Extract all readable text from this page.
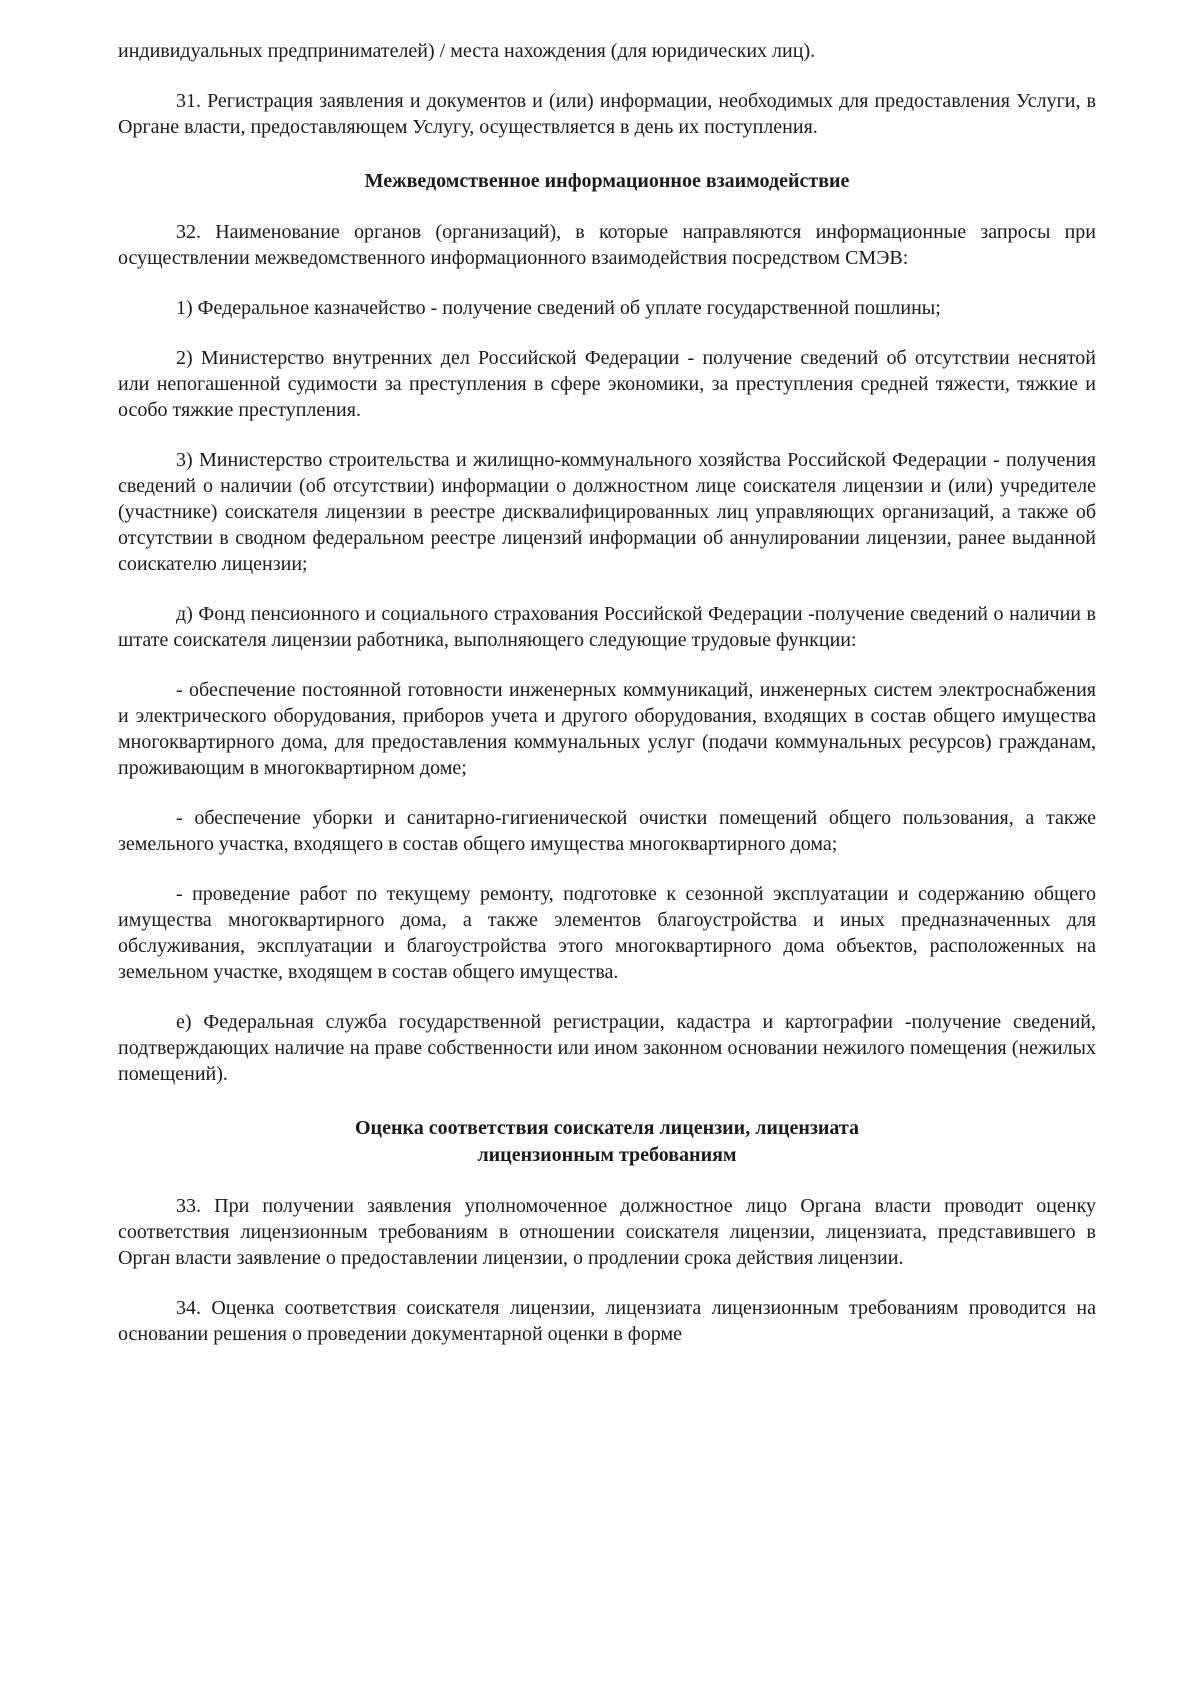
индивидуальных предпринимателей) / места нахождения (для юридических лиц).

31. Регистрация заявления и документов и (или) информации, необходимых для предоставления Услуги, в Органе власти, предоставляющем Услугу, осуществляется в день их поступления.

Межведомственное информационное взаимодействие

32. Наименование органов (организаций), в которые направляются информационные запросы при осуществлении межведомственного информационного взаимодействия посредством СМЭВ:

1) Федеральное казначейство - получение сведений об уплате государственной пошлины;

2) Министерство внутренних дел Российской Федерации - получение сведений об отсутствии неснятой или непогашенной судимости за преступления в сфере экономики, за преступления средней тяжести, тяжкие и особо тяжкие преступления.

3) Министерство строительства и жилищно-коммунального хозяйства Российской Федерации - получения сведений о наличии (об отсутствии) информации о должностном лице соискателя лицензии и (или) учредителе (участнике) соискателя лицензии в реестре дисквалифицированных лиц управляющих организаций, а также об отсутствии в сводном федеральном реестре лицензий информации об аннулировании лицензии, ранее выданной соискателю лицензии;

д) Фонд пенсионного и социального страхования Российской Федерации -получение сведений о наличии в штате соискателя лицензии работника, выполняющего следующие трудовые функции:

- обеспечение постоянной готовности инженерных коммуникаций, инженерных систем электроснабжения и электрического оборудования, приборов учета и другого оборудования, входящих в состав общего имущества многоквартирного дома, для предоставления коммунальных услуг (подачи коммунальных ресурсов) гражданам, проживающим в многоквартирном доме;

- обеспечение уборки и санитарно-гигиенической очистки помещений общего пользования, а также земельного участка, входящего в состав общего имущества многоквартирного дома;

- проведение работ по текущему ремонту, подготовке к сезонной эксплуатации и содержанию общего имущества многоквартирного дома, а также элементов благоустройства и иных предназначенных для обслуживания, эксплуатации и благоустройства этого многоквартирного дома объектов, расположенных на земельном участке, входящем в состав общего имущества.

е) Федеральная служба государственной регистрации, кадастра и картографии -получение сведений, подтверждающих наличие на праве собственности или ином законном основании нежилого помещения (нежилых помещений).

Оценка соответствия соискателя лицензии, лицензиата
лицензионным требованиям

33. При получении заявления уполномоченное должностное лицо Органа власти проводит оценку соответствия лицензионным требованиям в отношении соискателя лицензии, лицензиата, представившего в Орган власти заявление о предоставлении лицензии, о продлении срока действия лицензии.

34. Оценка соответствия соискателя лицензии, лицензиата лицензионным требованиям проводится на основании решения о проведении документарной оценки в форме
